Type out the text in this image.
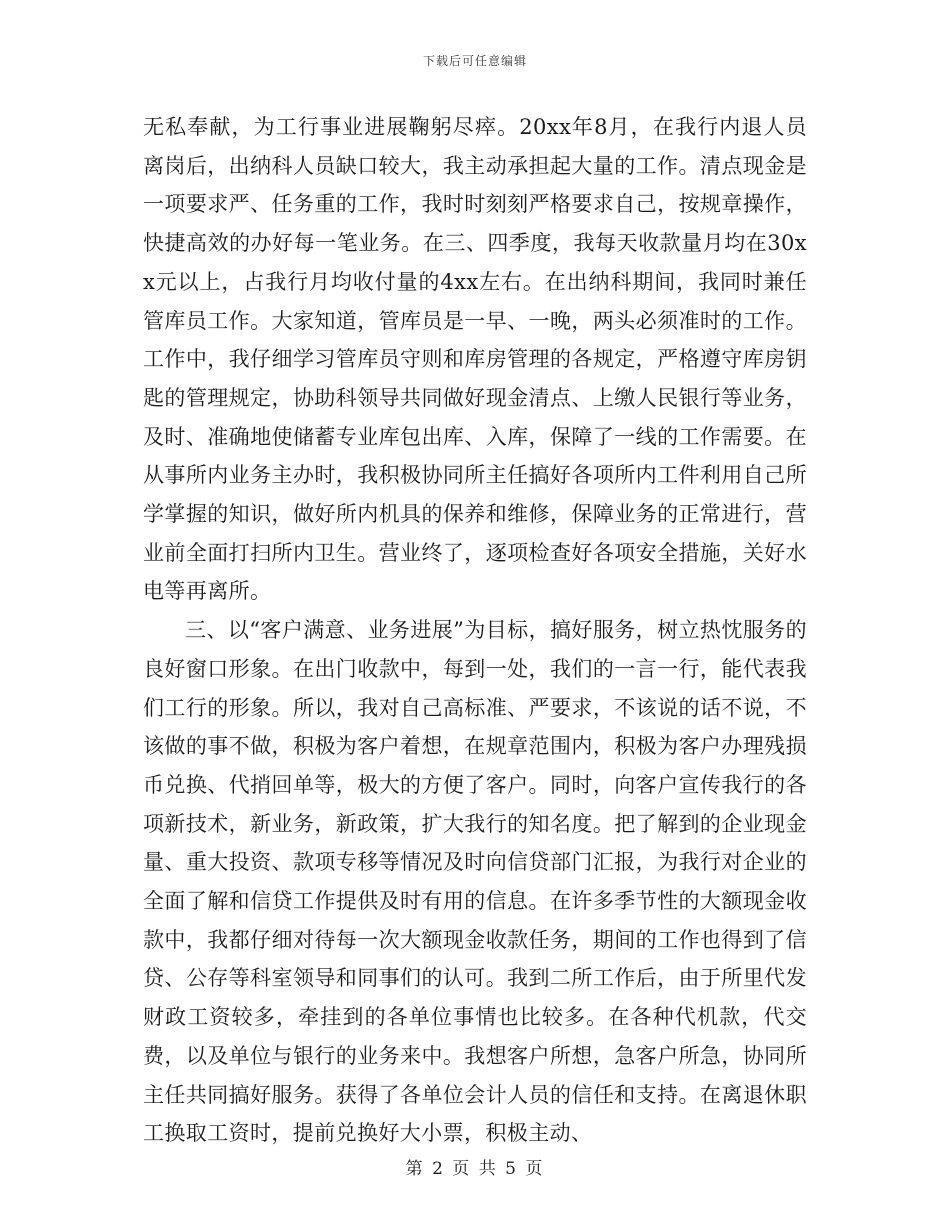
下载后可任意编辑

无私奉献，为工行事业进展鞠躬尽瘁。20xx年8月，在我行内退人员离岗后，出纳科人员缺口较大，我主动承担起大量的工作。清点现金是一项要求严、任务重的工作，我时时刻刻严格要求自己，按规章操作，快捷高效的办好每一笔业务。在三、四季度，我每天收款量月均在30xx元以上，占我行月均收付量的4xx左右。在出纳科期间，我同时兼任管库员工作。大家知道，管库员是一早、一晚，两头必须准时的工作。工作中，我仔细学习管库员守则和库房管理的各规定，严格遵守库房钥匙的管理规定，协助科领导共同做好现金清点、上缴人民银行等业务，及时、准确地使储蓄专业库包出库、入库，保障了一线的工作需要。在从事所内业务主办时，我积极协同所主任搞好各项所内工件利用自己所学掌握的知识，做好所内机具的保养和维修，保障业务的正常进行，营业前全面打扫所内卫生。营业终了，逐项检查好各项安全措施，关好水电等再离所。

三、以“客户满意、业务进展”为目标，搞好服务，树立热忱服务的良好窗口形象。在出门收款中，每到一处，我们的一言一行，能代表我们工行的形象。所以，我对自己高标准、严要求，不该说的话不说，不该做的事不做，积极为客户着想，在规章范围内，积极为客户办理残损币兑换、代捎回单等，极大的方便了客户。同时，向客户宣传我行的各项新技术，新业务，新政策，扩大我行的知名度。把了解到的企业现金量、重大投资、款项专移等情况及时向信贷部门汇报，为我行对企业的全面了解和信贷工作提供及时有用的信息。在许多季节性的大额现金收款中，我都仔细对待每一次大额现金收款任务，期间的工作也得到了信贷、公存等科室领导和同事们的认可。我到二所工作后，由于所里代发财政工资较多，牵挂到的各单位事情也比较多。在各种代机款，代交费，以及单位与银行的业务来中。我想客户所想，急客户所急，协同所主任共同搞好服务。获得了各单位会计人员的信任和支持。在离退休职工换取工资时，提前兑换好大小票，积极主动、

第 2 页 共 5 页
